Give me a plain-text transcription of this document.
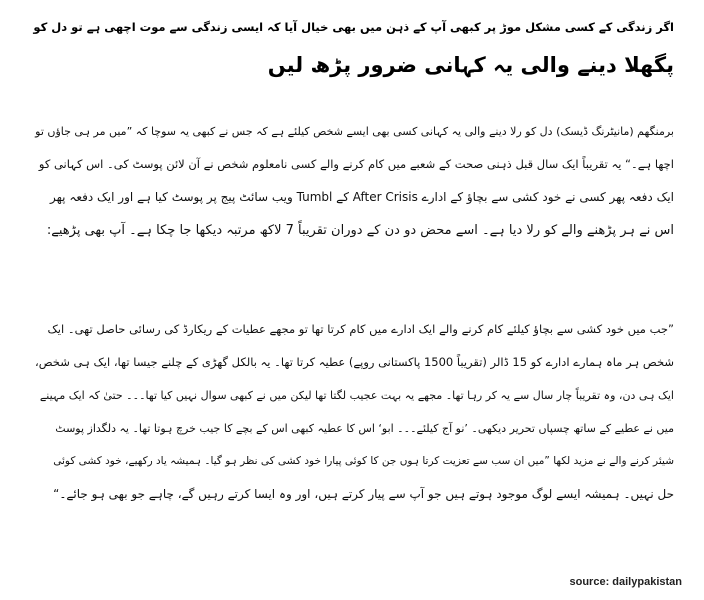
اگر زندگی کے کسی مشکل موڑ پر کبھی آپ کے ذہن میں بھی خیال آیا کہ ایسی زندگی سے موت اچھی ہے تو دل کو
پگھلا دینے والی یہ کہانی ضرور پڑھ لیں
برمنگھم (مانیٹرنگ ڈیسک) دل کو رلا دینے والی یہ کہانی کسی بھی ایسے شخص کیلئے ہے کہ جس نے کبھی یہ سوچا کہ ”میں مر ہی جاؤں تو
اچھا ہے۔“ یہ تقریباً ایک سال قبل ذہنی صحت کے شعبے میں کام کرنے والے کسی نامعلوم شخص نے آن لائن پوسٹ کی۔ اس کہانی کو
ایک دفعہ پھر کسی نے خود کشی سے بچاؤ کے ادارے After Crisis کے Tumbl ویب سائٹ پیج پر پوسٹ کیا ہے اور ایک دفعہ پھر
اس نے ہر پڑھنے والے کو رلا دیا ہے۔ اسے محض دو دن کے دوران تقریباً 7 لاکھ مرتبہ دیکھا جا چکا ہے۔ آپ بھی پڑھیے:
”جب میں خود کشی سے بچاؤ کیلئے کام کرنے والے ایک ادارے میں کام کرتا تھا تو مجھے عطیات کے ریکارڈ کی رسائی حاصل تھی۔ ایک
شخص ہر ماہ ہمارے ادارے کو 15 ڈالر (تقریباً 1500 پاکستانی روپے) عطیہ کرتا تھا۔ یہ بالکل گھڑی کے چلنے جیسا تھا، ایک ہی شخص،
ایک ہی دن، وہ تقریباً چار سال سے یہ کر رہا تھا۔ مجھے یہ بہت عجیب لگتا تھا لیکن میں نے کبھی سوال نہیں کیا تھا۔۔۔ حتیٰ کہ ایک مہینے
میں نے عطیے کے ساتھ چسپاں تحریر دیکھی۔ ’نو آج کیلئے۔۔۔ ابو‘ اس کا عطیہ کبھی اس کے بچے کا جیب خرچ ہوتا تھا۔ یہ دلگداز پوسٹ
شیئر کرنے والے نے مزید لکھا ”میں ان سب سے تعزیت کرتا ہوں جن کا کوئی پیارا خود کشی کی نظر ہو گیا۔ ہمیشہ یاد رکھیے، خود کشی کوئی
حل نہیں۔ ہمیشہ ایسے لوگ موجود ہوتے ہیں جو آپ سے پیار کرتے ہیں، اور وہ ایسا کرتے رہیں گے، چاہے جو بھی ہو جائے۔“
source: dailypakistan
